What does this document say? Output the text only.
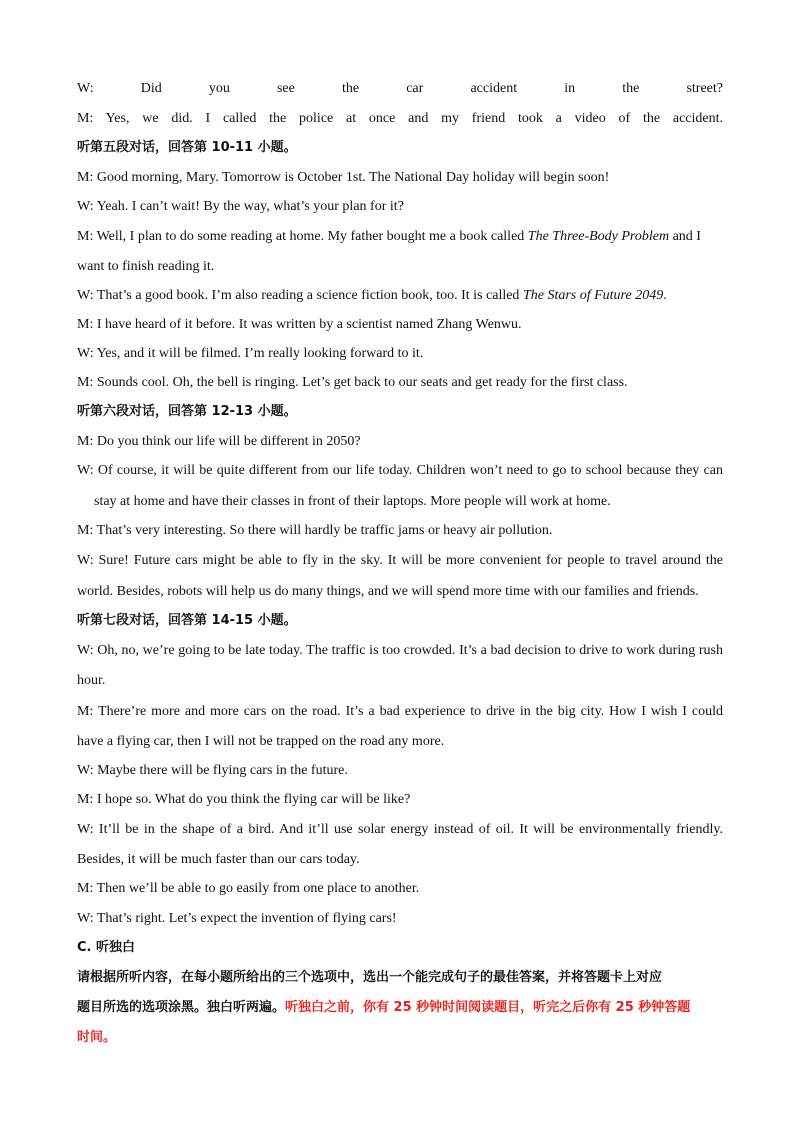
W: Did you see the car accident in the street?
M: Yes, we did. I called the police at once and my friend took a video of the accident.
听第五段对话，回答第 10-11 小题。
M: Good morning, Mary. Tomorrow is October 1st. The National Day holiday will begin soon!
W: Yeah. I can’t wait! By the way, what’s your plan for it?
M: Well, I plan to do some reading at home. My father bought me a book called The Three-Body Problem and I
want to finish reading it.
W: That’s a good book. I’m also reading a science fiction book, too. It is called The Stars of Future 2049.
M: I have heard of it before. It was written by a scientist named Zhang Wenwu.
W: Yes, and it will be filmed. I’m really looking forward to it.
M: Sounds cool. Oh, the bell is ringing. Let’s get back to our seats and get ready for the first class.
听第六段对话，回答第 12-13 小题。
M: Do you think our life will be different in 2050?
W: Of course, it will be quite different from our life today. Children won’t need to go to school because they can
stay at home and have their classes in front of their laptops. More people will work at home.
M: That’s very interesting. So there will hardly be traffic jams or heavy air pollution.
W: Sure! Future cars might be able to fly in the sky. It will be more convenient for people to travel around the
world. Besides, robots will help us do many things, and we will spend more time with our families and friends.
听第七段对话，回答第 14-15 小题。
W: Oh, no, we’re going to be late today. The traffic is too crowded. It’s a bad decision to drive to work during rush
hour.
M: There’re more and more cars on the road. It’s a bad experience to drive in the big city. How I wish I could
have a flying car, then I will not be trapped on the road any more.
W: Maybe there will be flying cars in the future.
M: I hope so. What do you think the flying car will be like?
W: It’ll be in the shape of a bird. And it’ll use solar energy instead of oil. It will be environmentally friendly.
Besides, it will be much faster than our cars today.
M: Then we’ll be able to go easily from one place to another.
W: That’s right. Let’s expect the invention of flying cars!
C. 听独白
请根据所听内容，在每小题所给出的三个选项中，选出一个能完成句子的最佳答案，并将答题卡上对应
题目所选的选项涂黑。独白听两遍。听独白之前，你有 25 秒钟时间阅读题目，听完之后你有 25 秒钟答题
时间。
